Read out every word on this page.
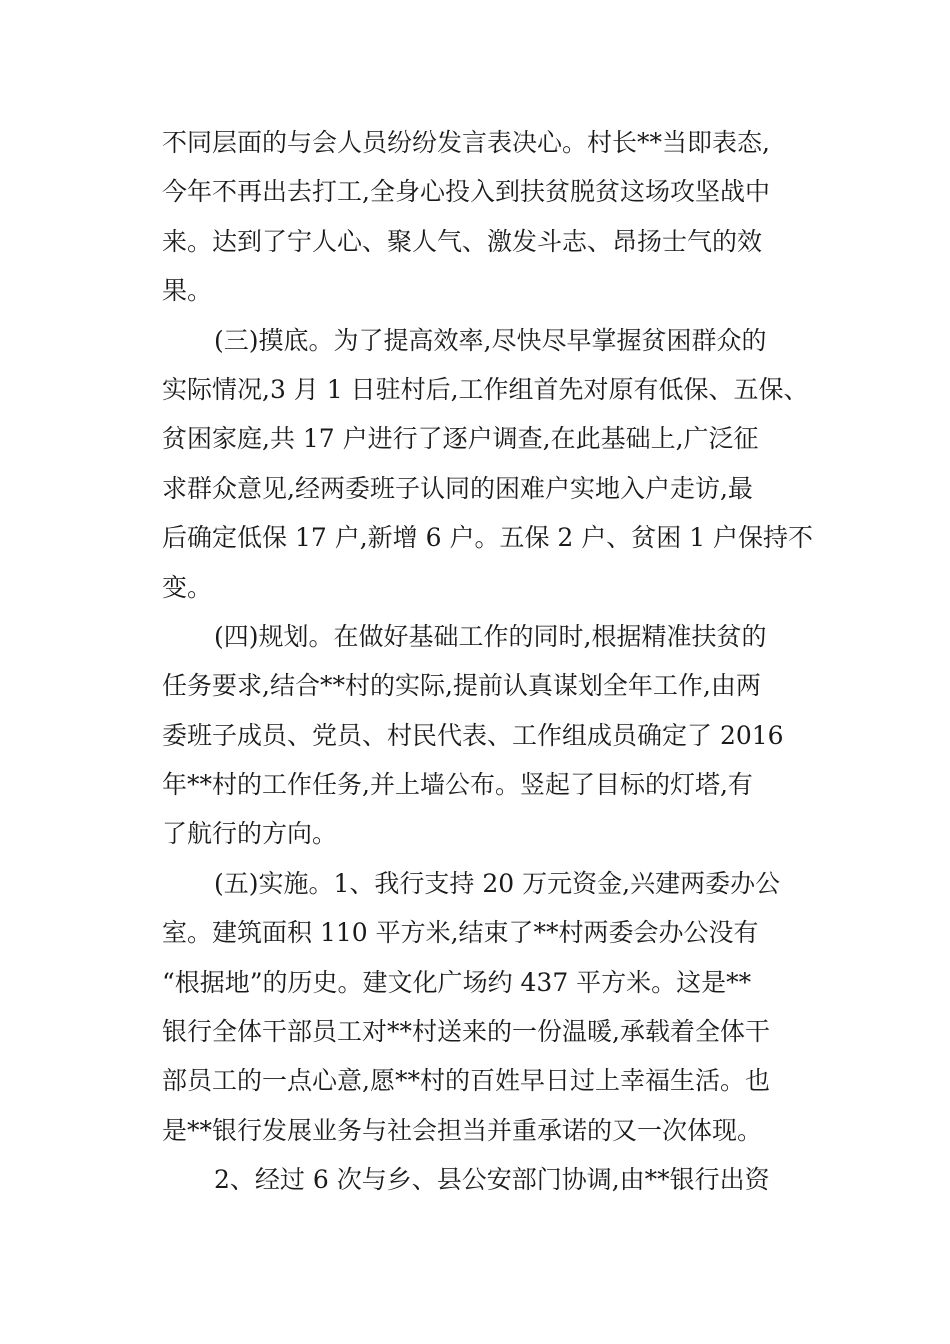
不同层面的与会人员纷纷发言表决心。村长**当即表态,
今年不再出去打工,全身心投入到扶贫脱贫这场攻坚战中
来。达到了宁人心、聚人气、激发斗志、昂扬士气的效
果。
(三)摸底。为了提高效率,尽快尽早掌握贫困群众的
实际情况,3 月 1 日驻村后,工作组首先对原有低保、五保、
贫困家庭,共 17 户进行了逐户调查,在此基础上,广泛征
求群众意见,经两委班子认同的困难户实地入户走访,最
后确定低保 17 户,新增 6 户。五保 2 户、贫困 1 户保持不
变。
(四)规划。在做好基础工作的同时,根据精准扶贫的
任务要求,结合**村的实际,提前认真谋划全年工作,由两
委班子成员、党员、村民代表、工作组成员确定了 2016
年**村的工作任务,并上墙公布。竖起了目标的灯塔,有
了航行的方向。
(五)实施。1、我行支持 20 万元资金,兴建两委办公
室。建筑面积 110 平方米,结束了**村两委会办公没有
“根据地”的历史。建文化广场约 437 平方米。这是**
银行全体干部员工对**村送来的一份温暖,承载着全体干
部员工的一点心意,愿**村的百姓早日过上幸福生活。也
是**银行发展业务与社会担当并重承诺的又一次体现。
2、经过 6 次与乡、县公安部门协调,由**银行出资
